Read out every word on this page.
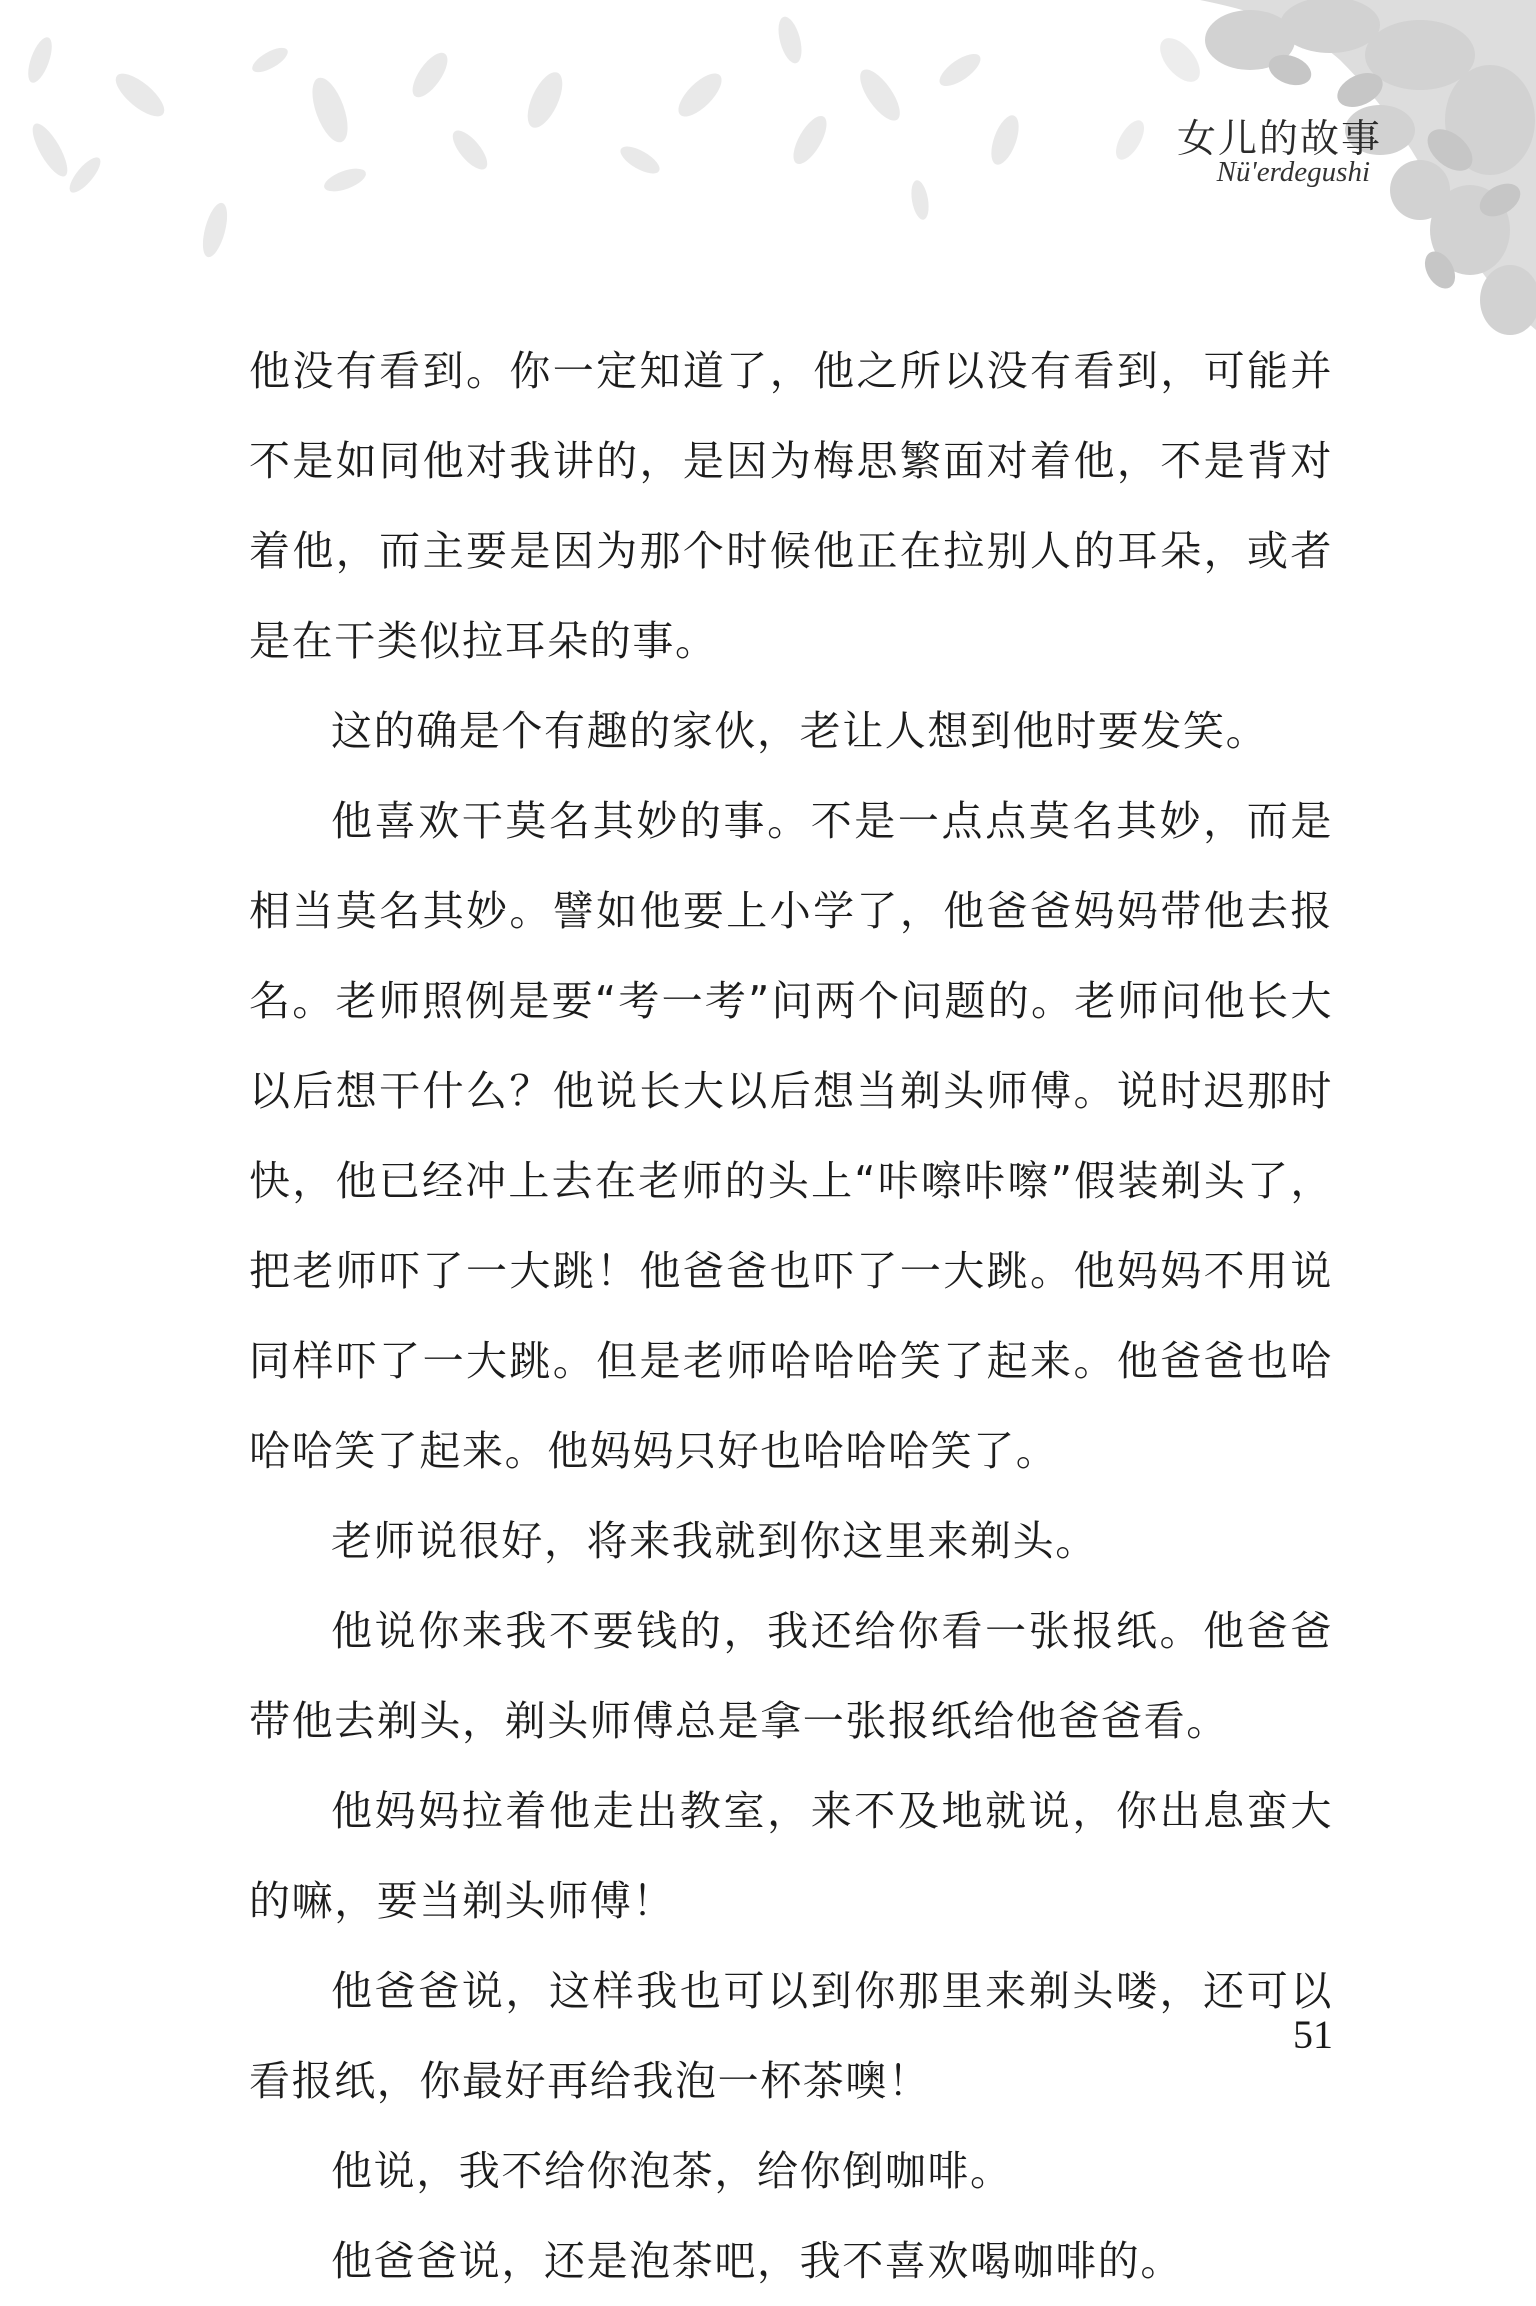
女儿的故事
Nü'erdegushi

他没有看到。你一定知道了，他之所以没有看到，可能并不是如同他对我讲的，是因为梅思繁面对着他，不是背对着他，而主要是因为那个时候他正在拉别人的耳朵，或者是在干类似拉耳朵的事。

这的确是个有趣的家伙，老让人想到他时要发笑。

他喜欢干莫名其妙的事。不是一点点莫名其妙，而是相当莫名其妙。譬如他要上小学了，他爸爸妈妈带他去报名。老师照例是要“考一考”问两个问题的。老师问他长大以后想干什么？他说长大以后想当剃头师傅。说时迟那时快，他已经冲上去在老师的头上“咔嚓咔嚓”假装剃头了，把老师吓了一大跳！他爸爸也吓了一大跳。他妈妈不用说同样吓了一大跳。但是老师哈哈哈笑了起来。他爸爸也哈哈哈笑了起来。他妈妈只好也哈哈哈笑了。

老师说很好，将来我就到你这里来剃头。

他说你来我不要钱的，我还给你看一张报纸。他爸爸带他去剃头，剃头师傅总是拿一张报纸给他爸爸看。

他妈妈拉着他走出教室，来不及地就说，你出息蛮大的嘛，要当剃头师傅！

他爸爸说，这样我也可以到你那里来剃头喽，还可以看报纸，你最好再给我泡一杯茶噢！

他说，我不给你泡茶，给你倒咖啡。

他爸爸说，还是泡茶吧，我不喜欢喝咖啡的。

51
